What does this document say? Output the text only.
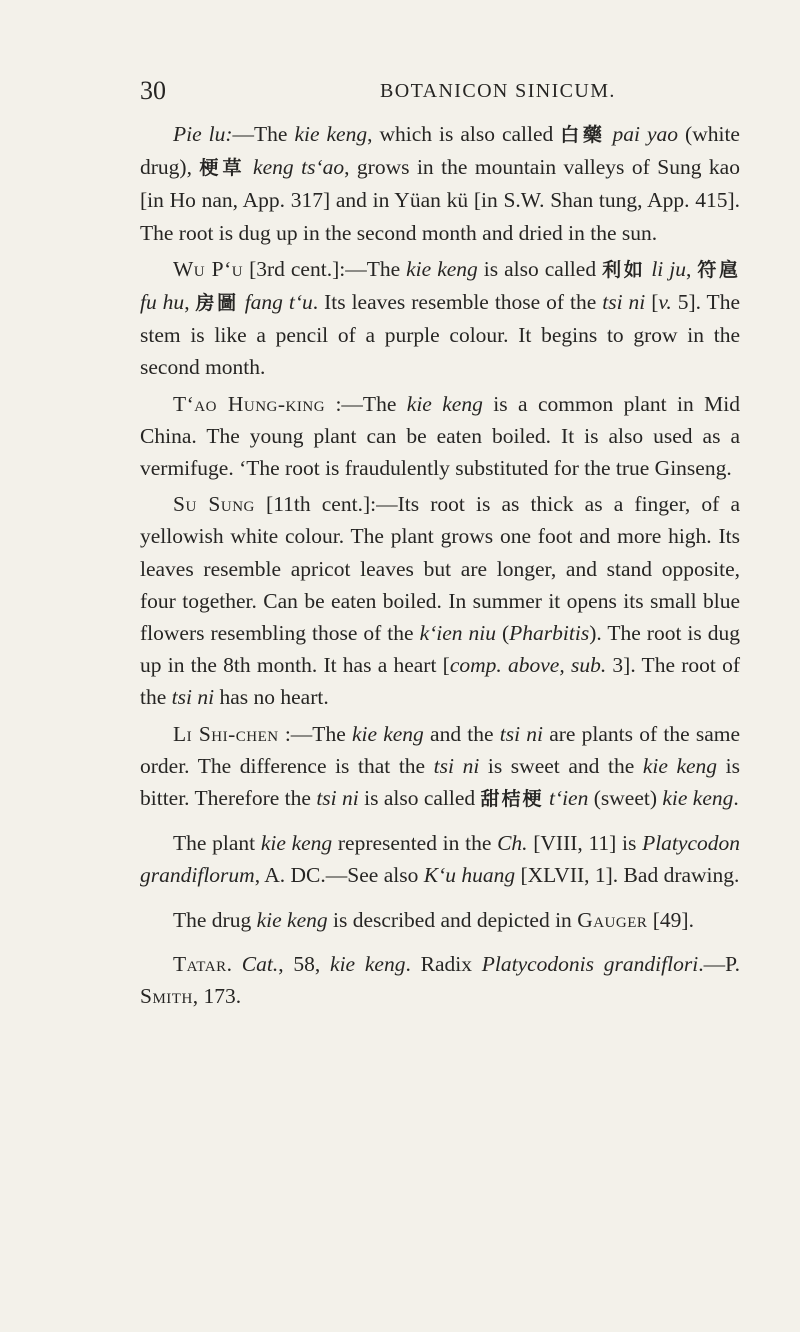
30	BOTANICON SINICUM.

Pie lu:—The kie keng, which is also called 白藥 pai yao (white drug), 梗草 keng ts‘ao, grows in the mountain valleys of Sung kao [in Ho nan, App. 317] and in Yüan kü [in S.W. Shan tung, App. 415]. The root is dug up in the second month and dried in the sun.

Wu P‘u [3rd cent.]:—The kie keng is also called 利如 li ju, 符扈 fu hu, 房圖 fang t‘u. Its leaves resemble those of the tsi ni [v. 5]. The stem is like a pencil of a purple colour. It begins to grow in the second month.

T‘ao Hung-king :—The kie keng is a common plant in Mid China. The young plant can be eaten boiled. It is also used as a vermifuge. ‘The root is fraudulently substituted for the true Ginseng.

Su Sung [11th cent.]:—Its root is as thick as a finger, of a yellowish white colour. The plant grows one foot and more high. Its leaves resemble apricot leaves but are longer, and stand opposite, four together. Can be eaten boiled. In summer it opens its small blue flowers resembling those of the k‘ien niu (Pharbitis). The root is dug up in the 8th month. It has a heart [comp. above, sub. 3]. The root of the tsi ni has no heart.

Li Shi-chen :—The kie keng and the tsi ni are plants of the same order. The difference is that the tsi ni is sweet and the kie keng is bitter. Therefore the tsi ni is also called 甜桔梗 t‘ien (sweet) kie keng.

The plant kie keng represented in the Ch. [VIII, 11] is Platycodon grandiflorum, A. DC.—See also K‘u huang [XLVII, 1]. Bad drawing.

The drug kie keng is described and depicted in Gauger [49].

Tatar. Cat., 58, kie keng. Radix Platycodonis grandiflori.—P. Smith, 173.
